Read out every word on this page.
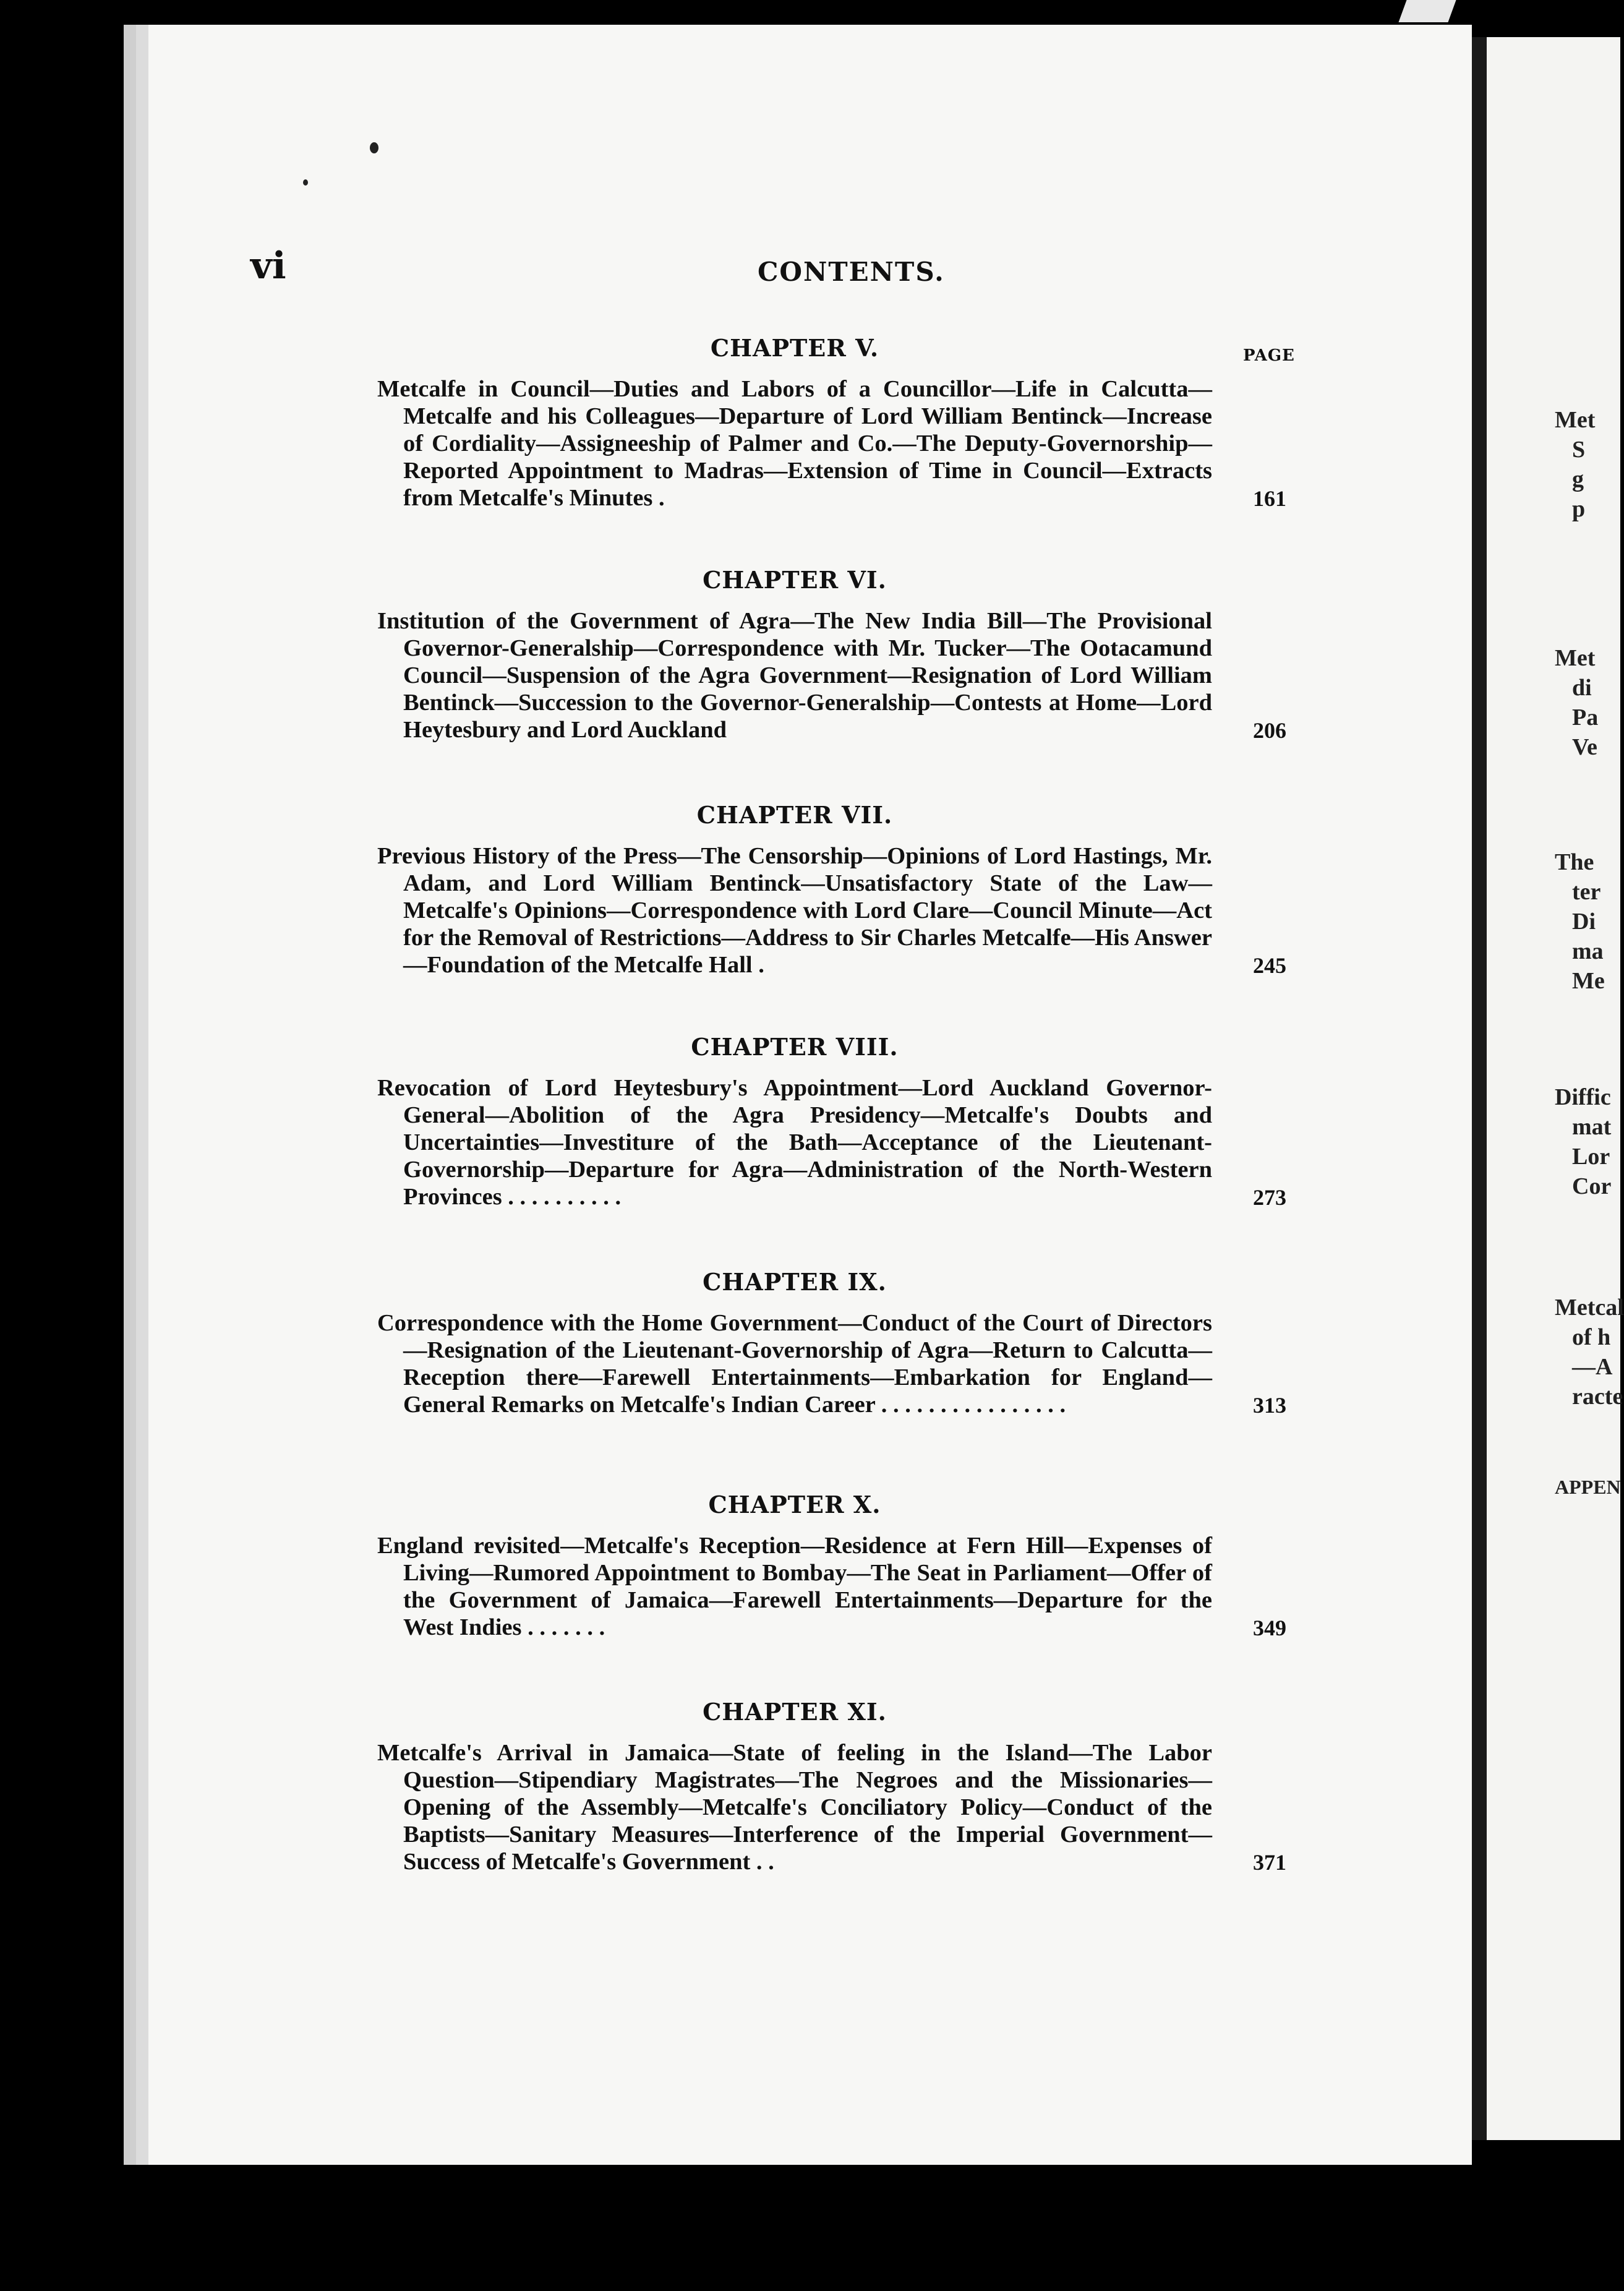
Met
S
g
p
Met
di
Pa
Ve
The
ter
Di
ma
Me
Diffic
mat
Lor
Cor
Metcal
of h
—A
racte
APPEN
vi	CONTENTS.
PAGE
CHAPTER V.
Metcalfe in Council—Duties and Labors of a Councillor—Life in Calcutta—Metcalfe and his Colleagues—Departure of Lord William Bentinck—Increase of Cordiality—Assigneeship of Palmer and Co.—The Deputy-Governorship—Reported Appointment to Madras—Extension of Time in Council—Extracts from Metcalfe's Minutes .	161
CHAPTER VI.
Institution of the Government of Agra—The New India Bill—The Provisional Governor-Generalship—Correspondence with Mr. Tucker—The Ootacamund Council—Suspension of the Agra Government—Resignation of Lord William Bentinck—Succession to the Governor-Generalship—Contests at Home—Lord Heytesbury and Lord Auckland	206
CHAPTER VII.
Previous History of the Press—The Censorship—Opinions of Lord Hastings, Mr. Adam, and Lord William Bentinck—Unsatisfactory State of the Law—Metcalfe's Opinions—Correspondence with Lord Clare—Council Minute—Act for the Removal of Restrictions—Address to Sir Charles Metcalfe—His Answer—Foundation of the Metcalfe Hall .	245
CHAPTER VIII.
Revocation of Lord Heytesbury's Appointment—Lord Auckland Governor-General—Abolition of the Agra Presidency—Metcalfe's Doubts and Uncertainties—Investiture of the Bath—Acceptance of the Lieutenant-Governorship—Departure for Agra—Administration of the North-Western Provinces . . . . . . . . . .	273
CHAPTER IX.
Correspondence with the Home Government—Conduct of the Court of Directors—Resignation of the Lieutenant-Governorship of Agra—Return to Calcutta—Reception there—Farewell Entertainments—Embarkation for England—General Remarks on Metcalfe's Indian Career . . . . . . . . . . . . . . . .	313
CHAPTER X.
England revisited—Metcalfe's Reception—Residence at Fern Hill—Expenses of Living—Rumored Appointment to Bombay—The Seat in Parliament—Offer of the Government of Jamaica—Farewell Entertainments—Departure for the West Indies . . . . . . .	349
CHAPTER XI.
Metcalfe's Arrival in Jamaica—State of feeling in the Island—The Labor Question—Stipendiary Magistrates—The Negroes and the Missionaries—Opening of the Assembly—Metcalfe's Conciliatory Policy—Conduct of the Baptists—Sanitary Measures—Interference of the Imperial Government—Success of Metcalfe's Government . .	371
